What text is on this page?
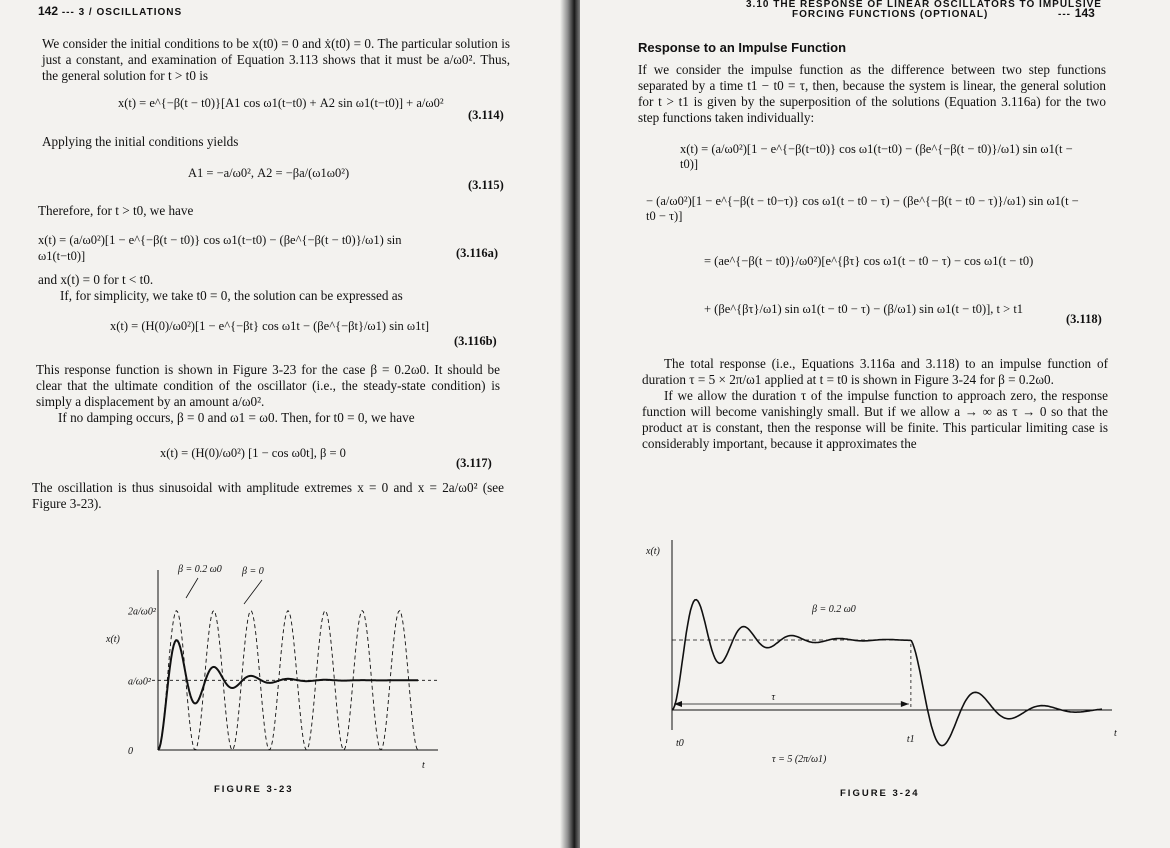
142 --- 3 / OSCILLATIONS

We consider the initial conditions to be x(t0) = 0 and ẋ(t0) = 0. The particular solution is just a constant, and examination of Equation 3.113 shows that it must be a/ω0². Thus, the general solution for t > t0 is

x(t) = e^{−β(t − t0)}[A1 cos ω1(t−t0) + A2 sin ω1(t−t0)] + a/ω0²
(3.114)

Applying the initial conditions yields

A1 = −a/ω0², A2 = −βa/(ω1ω0²)
(3.115)

Therefore, for t > t0, we have

x(t) = (a/ω0²)[1 − e^{−β(t − t0)} cos ω1(t−t0) − (βe^{−β(t − t0)}/ω1) sin ω1(t−t0)]	(3.116a)

and x(t) = 0 for t < t0.

If, for simplicity, we take t0 = 0, the solution can be expressed as

x(t) = (H(0)/ω0²)[1 − e^{−βt} cos ω1t − (βe^{−βt}/ω1) sin ω1t]
(3.116b)

This response function is shown in Figure 3-23 for the case β = 0.2ω0. It should be clear that the ultimate condition of the oscillator (i.e., the steady-state condition) is simply a displacement by an amount a/ω0².

If no damping occurs, β = 0 and ω1 = ω0. Then, for t0 = 0, we have

x(t) = (H(0)/ω0²) [1 − cos ω0t], β = 0
(3.117)

The oscillation is thus sinusoidal with amplitude extremes x = 0 and x = 2a/ω0² (see Figure 3-23).

0
a/ω0²
2a/ω0²
x(t)
t
β = 0.2 ω0 β = 0
FIGURE 3-23
3.10 THE RESPONSE OF LINEAR OSCILLATORS TO IMPULSIVE
FORCING FUNCTIONS (OPTIONAL)	--- 143
Response to an Impulse Function

If we consider the impulse function as the difference between two step functions separated by a time t1 − t0 = τ, then, because the system is linear, the general solution for t > t1 is given by the superposition of the solutions (Equation 3.116a) for the two step functions taken individually:

x(t) = (a/ω0²)[1 − e^{−β(t−t0)} cos ω1(t−t0) − (βe^{−β(t − t0)}/ω1) sin ω1(t − t0)]
− (a/ω0²)[1 − e^{−β(t − t0−τ)} cos ω1(t − t0 − τ) − (βe^{−β(t − t0 − τ)}/ω1) sin ω1(t − t0 − τ)]
= (ae^{−β(t − t0)}/ω0²)[e^{βτ} cos ω1(t − t0 − τ) − cos ω1(t − t0)
+ (βe^{βτ}/ω1) sin ω1(t − t0 − τ) − (β/ω1) sin ω1(t − t0)], t > t1
(3.118)

The total response (i.e., Equations 3.116a and 3.118) to an impulse function of duration τ = 5 × 2π/ω1 applied at t = t0 is shown in Figure 3-24 for β = 0.2ω0.

If we allow the duration τ of the impulse function to approach zero, the response function will become vanishingly small. But if we allow a → ∞ as τ → 0 so that the product aτ is constant, then the response will be finite. This particular limiting case is considerably important, because it approximates the

x(t)
t
t0	t1
τ
β = 0.2 ω0
τ = 5 (2π/ω1)
FIGURE 3-24
